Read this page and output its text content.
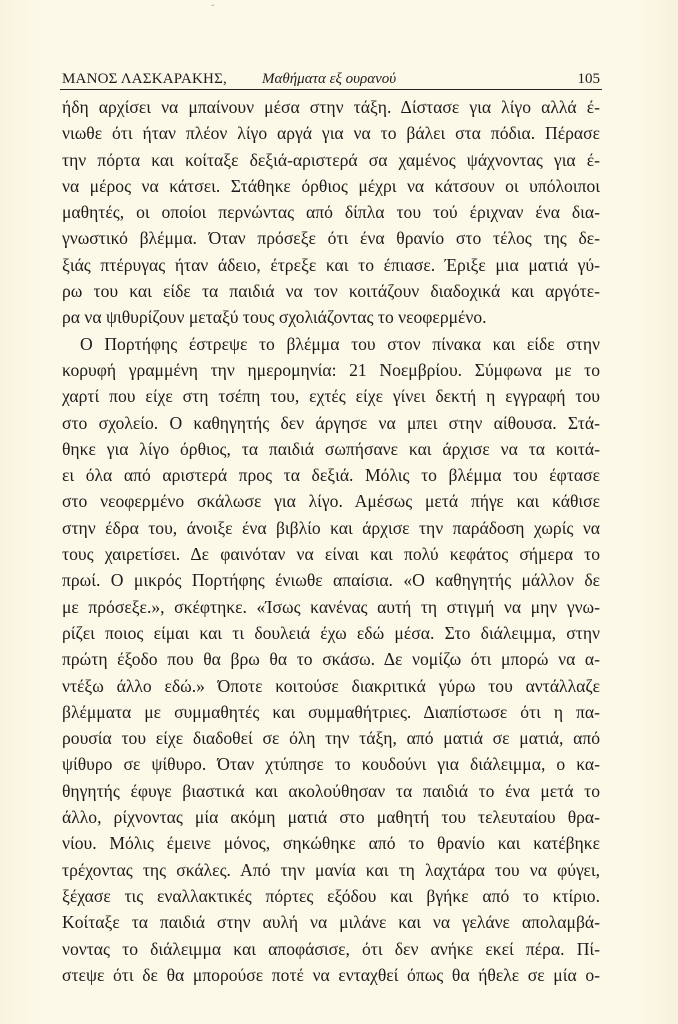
ˇ
ΜΑΝΟΣ ΛΑΣΚΑΡΑΚΗΣ, Μαθήματα εξ ουρανού	105
ήδη αρχίσει να μπαίνουν μέσα στην τάξη. Δίστασε για λίγο αλλά έ-
νιωθε ότι ήταν πλέον λίγο αργά για να το βάλει στα πόδια. Πέρασε
την πόρτα και κοίταξε δεξιά-αριστερά σα χαμένος ψάχνοντας για έ-
να μέρος να κάτσει. Στάθηκε όρθιος μέχρι να κάτσουν οι υπόλοιποι
μαθητές, οι οποίοι περνώντας από δίπλα του τού έριχναν ένα δια-
γνωστικό βλέμμα. Όταν πρόσεξε ότι ένα θρανίο στο τέλος της δε-
ξιάς πτέρυγας ήταν άδειο, έτρεξε και το έπιασε. Έριξε μια ματιά γύ-
ρω του και είδε τα παιδιά να τον κοιτάζουν διαδοχικά και αργότε-
ρα να ψιθυρίζουν μεταξύ τους σχολιάζοντας το νεοφερμένο.
Ο Πορτήφης έστρεψε το βλέμμα του στον πίνακα και είδε στην
κορυφή γραμμένη την ημερομηνία: 21 Νοεμβρίου. Σύμφωνα με το
χαρτί που είχε στη τσέπη του, εχτές είχε γίνει δεκτή η εγγραφή του
στο σχολείο. Ο καθηγητής δεν άργησε να μπει στην αίθουσα. Στά-
θηκε για λίγο όρθιος, τα παιδιά σωπήσανε και άρχισε να τα κοιτά-
ει όλα από αριστερά προς τα δεξιά. Μόλις το βλέμμα του έφτασε
στο νεοφερμένο σκάλωσε για λίγο. Αμέσως μετά πήγε και κάθισε
στην έδρα του, άνοιξε ένα βιβλίο και άρχισε την παράδοση χωρίς να
τους χαιρετίσει. Δε φαινόταν να είναι και πολύ κεφάτος σήμερα το
πρωί. Ο μικρός Πορτήφης ένιωθε απαίσια. «Ο καθηγητής μάλλον δε
με πρόσεξε.», σκέφτηκε. «Ίσως κανένας αυτή τη στιγμή να μην γνω-
ρίζει ποιος είμαι και τι δουλειά έχω εδώ μέσα. Στο διάλειμμα, στην
πρώτη έξοδο που θα βρω θα το σκάσω. Δε νομίζω ότι μπορώ να α-
ντέξω άλλο εδώ.» Όποτε κοιτούσε διακριτικά γύρω του αντάλλαζε
βλέμματα με συμμαθητές και συμμαθήτριες. Διαπίστωσε ότι η πα-
ρουσία του είχε διαδοθεί σε όλη την τάξη, από ματιά σε ματιά, από
ψίθυρο σε ψίθυρο. Όταν χτύπησε το κουδούνι για διάλειμμα, ο κα-
θηγητής έφυγε βιαστικά και ακολούθησαν τα παιδιά το ένα μετά το
άλλο, ρίχνοντας μία ακόμη ματιά στο μαθητή του τελευταίου θρα-
νίου. Μόλις έμεινε μόνος, σηκώθηκε από το θρανίο και κατέβηκε
τρέχοντας της σκάλες. Από την μανία και τη λαχτάρα του να φύγει,
ξέχασε τις εναλλακτικές πόρτες εξόδου και βγήκε από το κτίριο.
Κοίταξε τα παιδιά στην αυλή να μιλάνε και να γελάνε απολαμβά-
νοντας το διάλειμμα και αποφάσισε, ότι δεν ανήκε εκεί πέρα. Πί-
στεψε ότι δε θα μπορούσε ποτέ να ενταχθεί όπως θα ήθελε σε μία ο-
